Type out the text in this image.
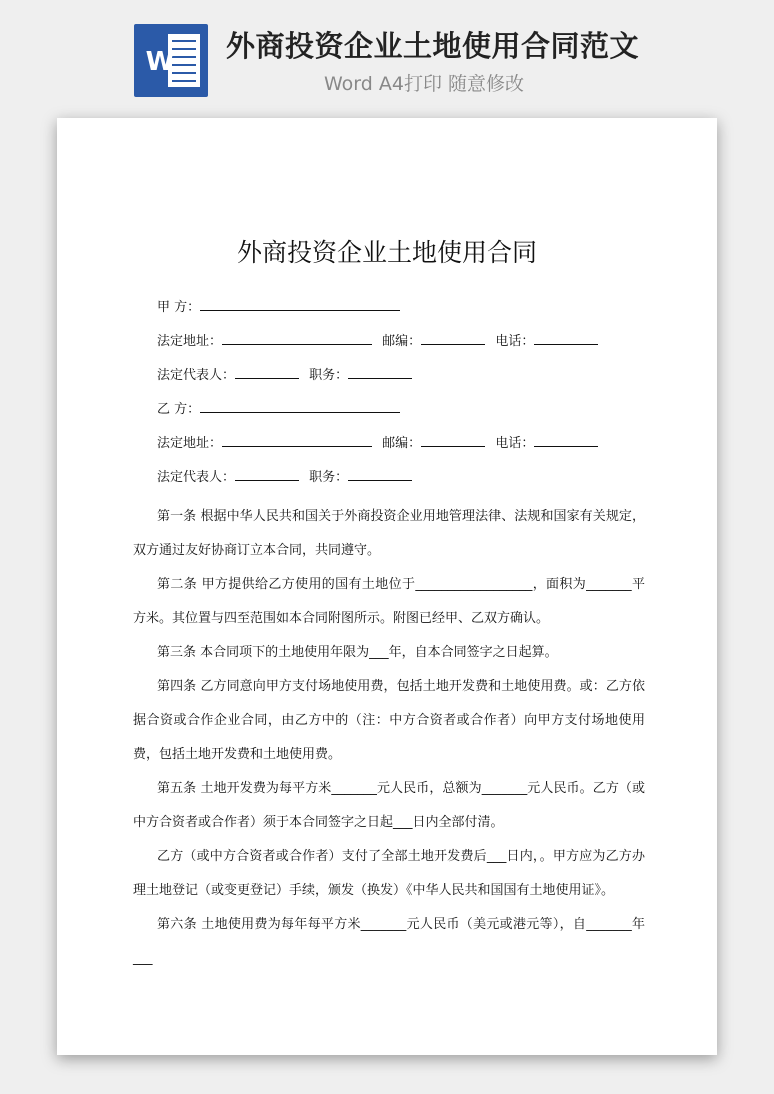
W 外商投资企业土地使用合同范文
Word A4打印 随意修改

外商投资企业土地使用合同
甲 方：
法定地址：	邮编：	电话：
法定代表人：	职务：
乙 方：
法定地址：	邮编：	电话：
法定代表人：	职务：

第一条 根据中华人民共和国关于外商投资企业用地管理法律、法规和国家有关规定，双方通过友好协商订立本合同，共同遵守。

第二条 甲方提供给乙方使用的国有土地位于__________________，面积为_______平方米。其位置与四至范围如本合同附图所示。附图已经甲、乙双方确认。

第三条 本合同项下的土地使用年限为___年，自本合同签字之日起算。

第四条 乙方同意向甲方支付场地使用费，包括土地开发费和土地使用费。或：乙方依据合资或合作企业合同，由乙方中的（注：中方合资者或合作者）向甲方支付场地使用费，包括土地开发费和土地使用费。

第五条 土地开发费为每平方米_______元人民币，总额为_______元人民币。乙方（或中方合资者或合作者）须于本合同签字之日起___日内全部付清。

乙方（或中方合资者或合作者）支付了全部土地开发费后___日内，。甲方应为乙方办理土地登记（或变更登记）手续，颁发（换发）《中华人民共和国国有土地使用证》。

第六条 土地使用费为每年每平方米_______元人民币（美元或港元等），自_______年___
